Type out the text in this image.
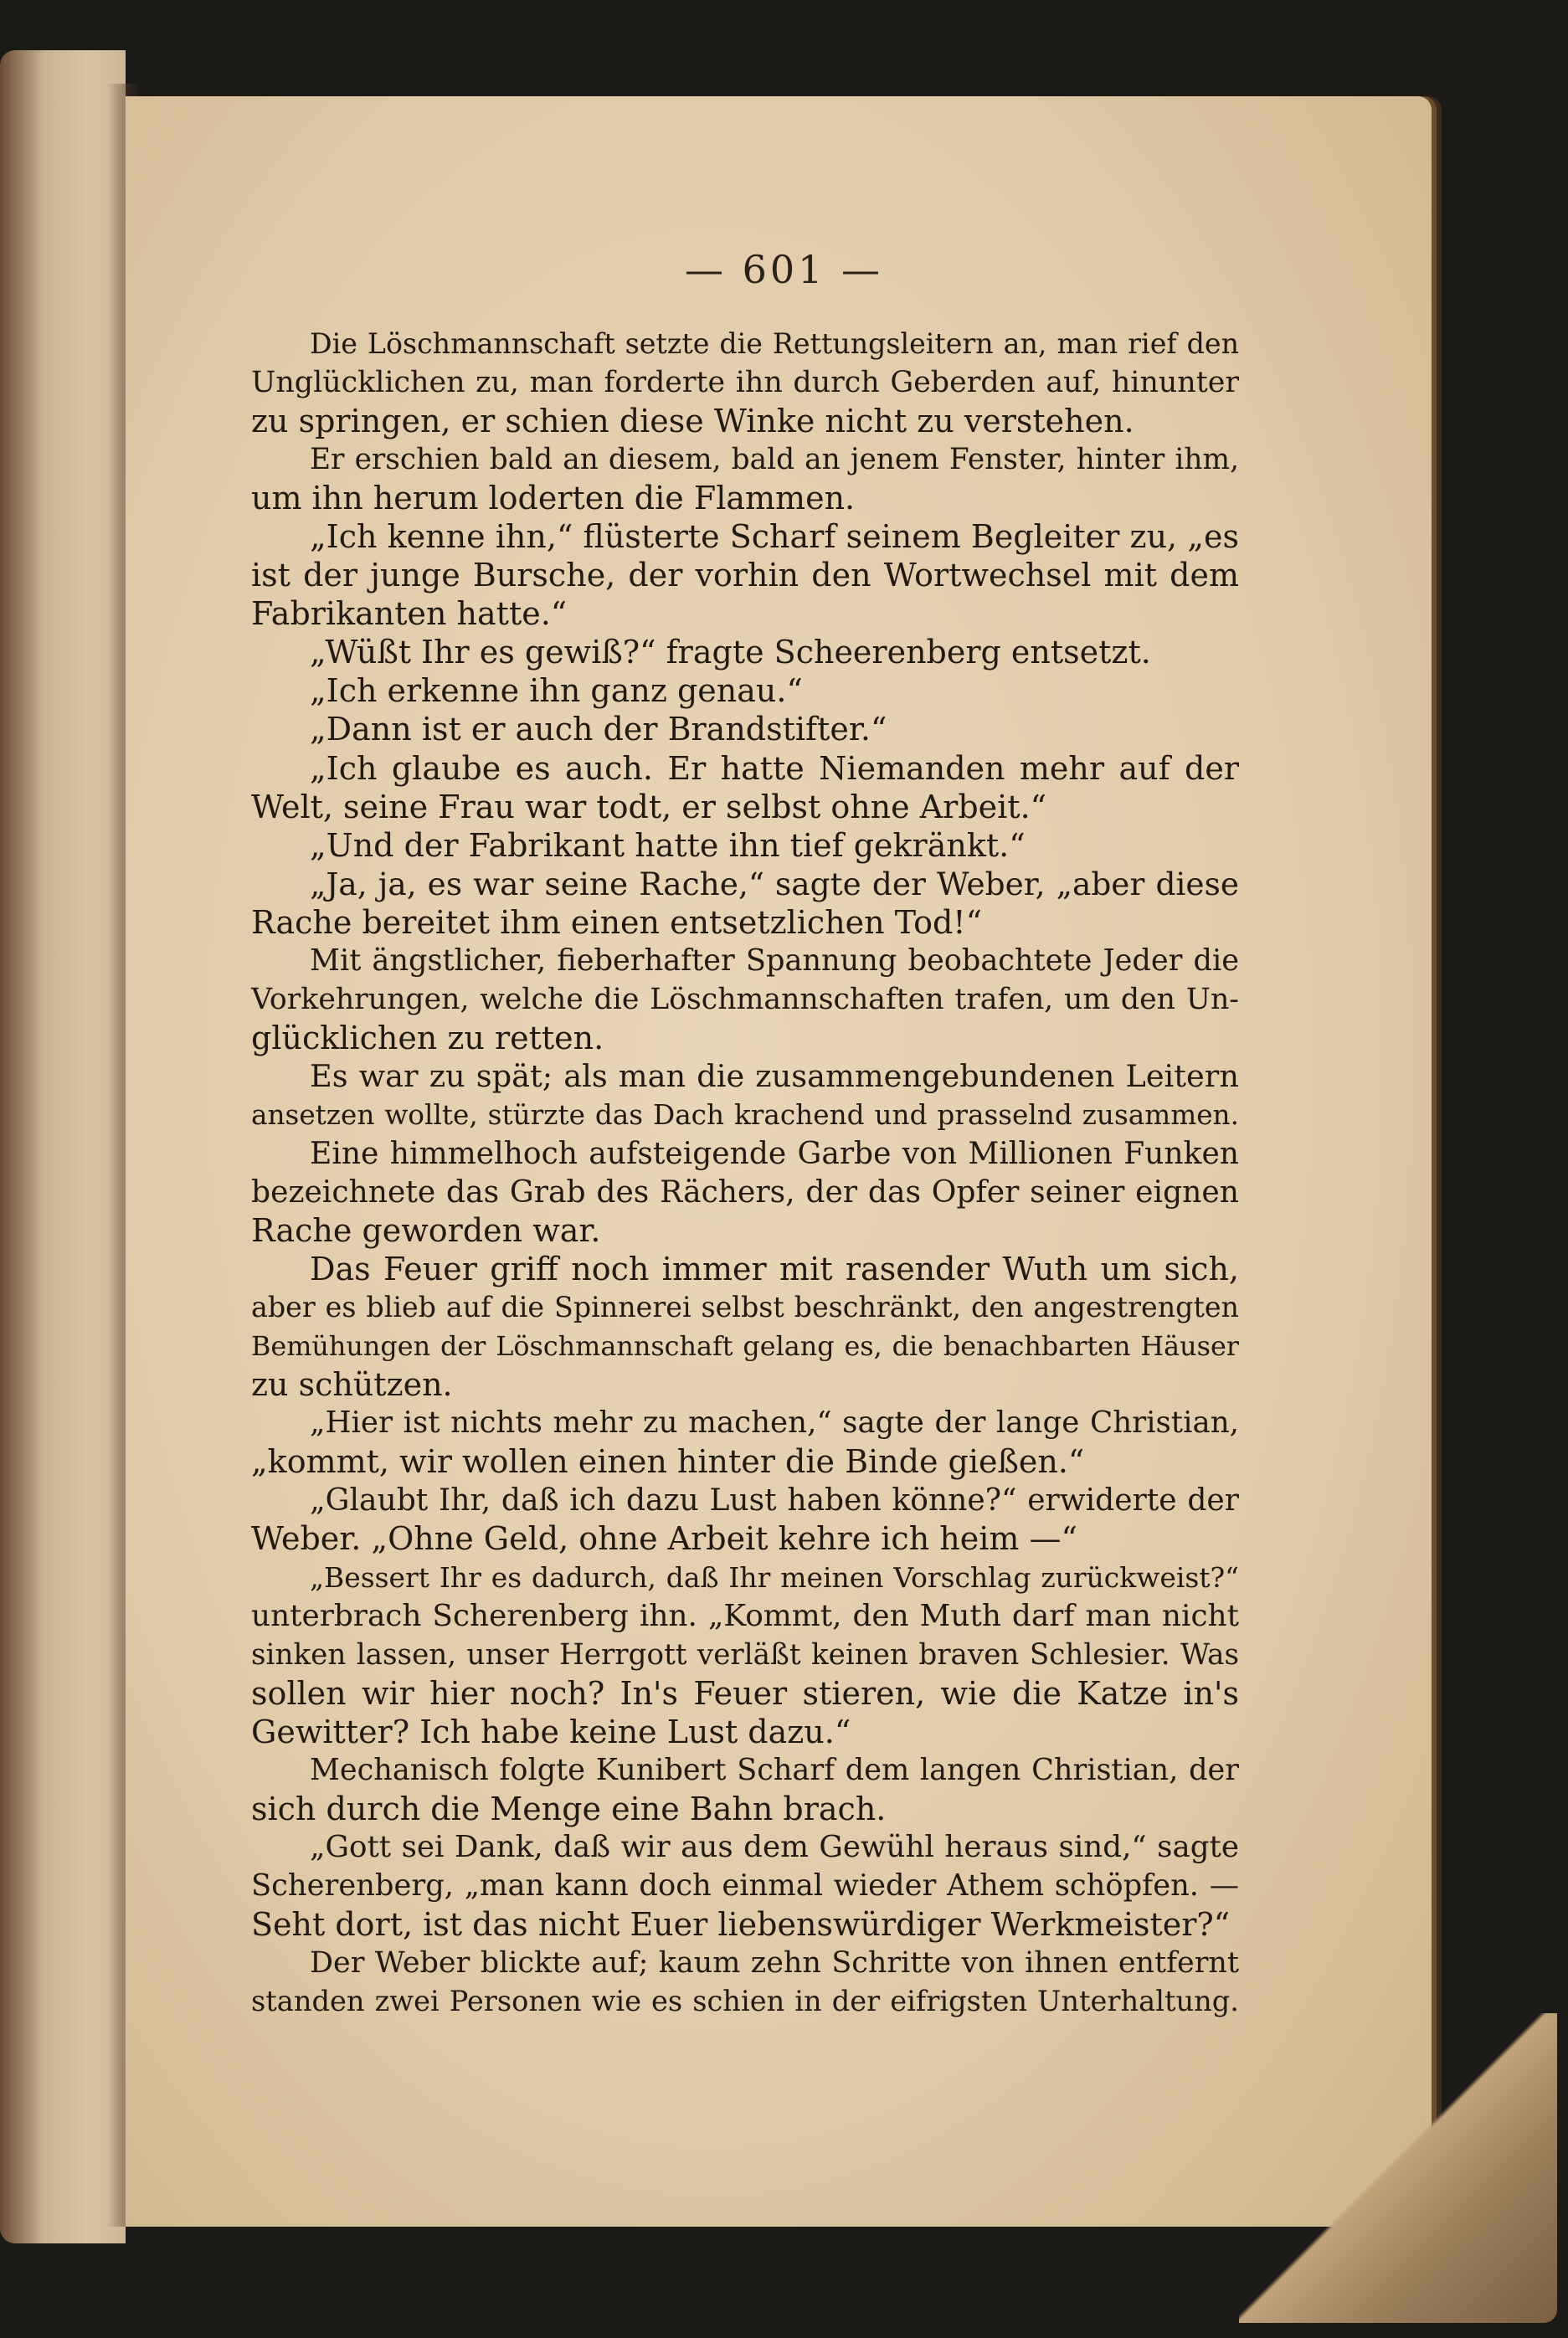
— 601 —
Die Löschmannschaft setzte die Rettungsleitern an, man rief den
Unglücklichen zu, man forderte ihn durch Geberden auf, hinunter
zu springen, er schien diese Winke nicht zu verstehen.
Er erschien bald an diesem, bald an jenem Fenster, hinter ihm,
um ihn herum loderten die Flammen.
„Ich kenne ihn,“ flüsterte Scharf seinem Begleiter zu, „es
ist der junge Bursche, der vorhin den Wortwechsel mit dem
Fabrikanten hatte.“
„Wüßt Ihr es gewiß?“ fragte Scheerenberg entsetzt.
„Ich erkenne ihn ganz genau.“
„Dann ist er auch der Brandstifter.“
„Ich glaube es auch. Er hatte Niemanden mehr auf der
Welt, seine Frau war todt, er selbst ohne Arbeit.“
„Und der Fabrikant hatte ihn tief gekränkt.“
„Ja, ja, es war seine Rache,“ sagte der Weber, „aber diese
Rache bereitet ihm einen entsetzlichen Tod!“
Mit ängstlicher, fieberhafter Spannung beobachtete Jeder die
Vorkehrungen, welche die Löschmannschaften trafen, um den Un-
glücklichen zu retten.
Es war zu spät; als man die zusammengebundenen Leitern
ansetzen wollte, stürzte das Dach krachend und prasselnd zusammen.
Eine himmelhoch aufsteigende Garbe von Millionen Funken
bezeichnete das Grab des Rächers, der das Opfer seiner eignen
Rache geworden war.
Das Feuer griff noch immer mit rasender Wuth um sich,
aber es blieb auf die Spinnerei selbst beschränkt, den angestrengten
Bemühungen der Löschmannschaft gelang es, die benachbarten Häuser
zu schützen.
„Hier ist nichts mehr zu machen,“ sagte der lange Christian,
„kommt, wir wollen einen hinter die Binde gießen.“
„Glaubt Ihr, daß ich dazu Lust haben könne?“ erwiderte der
Weber. „Ohne Geld, ohne Arbeit kehre ich heim —“
„Bessert Ihr es dadurch, daß Ihr meinen Vorschlag zurückweist?“
unterbrach Scherenberg ihn. „Kommt, den Muth darf man nicht
sinken lassen, unser Herrgott verläßt keinen braven Schlesier. Was
sollen wir hier noch? In's Feuer stieren, wie die Katze in's
Gewitter? Ich habe keine Lust dazu.“
Mechanisch folgte Kunibert Scharf dem langen Christian, der
sich durch die Menge eine Bahn brach.
„Gott sei Dank, daß wir aus dem Gewühl heraus sind,“ sagte
Scherenberg, „man kann doch einmal wieder Athem schöpfen. —
Seht dort, ist das nicht Euer liebenswürdiger Werkmeister?“
Der Weber blickte auf; kaum zehn Schritte von ihnen entfernt
standen zwei Personen wie es schien in der eifrigsten Unterhaltung.
